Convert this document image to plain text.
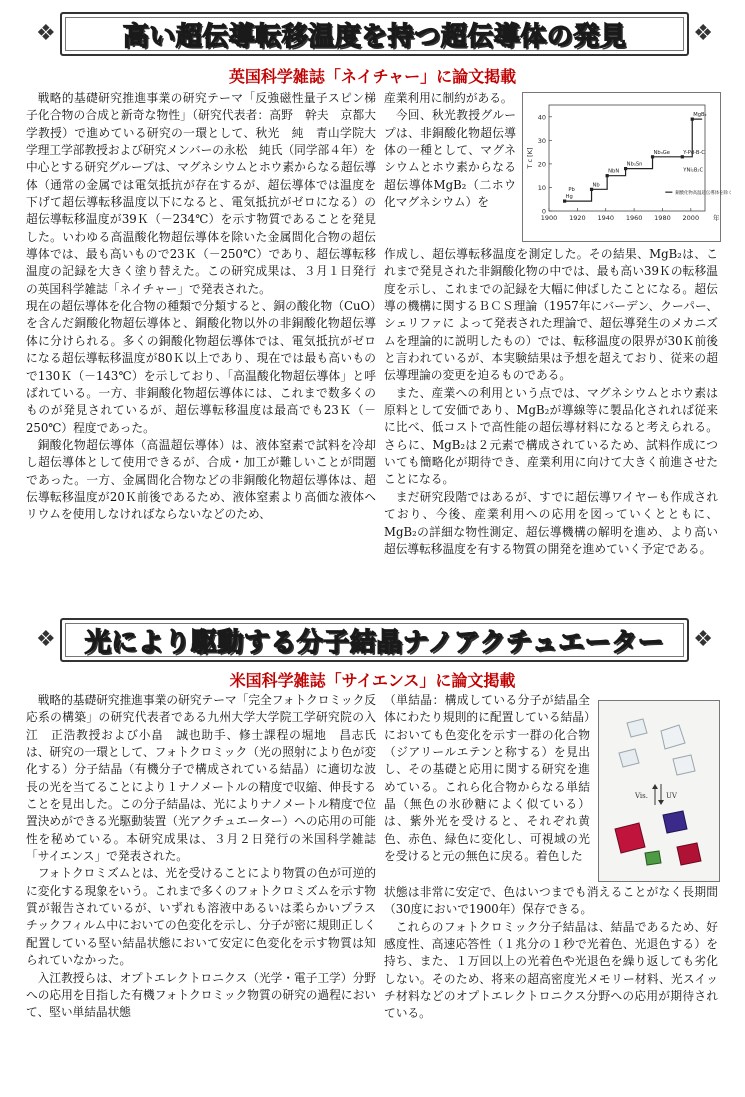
❖	高い超伝導転移温度を持つ超伝導体の発見	❖
英国科学雑誌「ネイチャー」に論文掲載

戦略的基礎研究推進事業の研究テーマ「反強磁性量子スピン梯子化合物の合成と新奇な物性」（研究代表者：高野　幹夫　京都大学教授）で進めている研究の一環として、秋光　純　青山学院大学理工学部教授および研究メンバーの永松　純氏（同学部４年）を中心とする研究グループは、マグネシウムとホウ素からなる超伝導体（通常の金属では電気抵抗が存在するが、超伝導体では温度を下げて超伝導転移温度以下になると、電気抵抗がゼロになる）の超伝導転移温度が39Ｋ（－234℃）を示す物質であることを発見した。いわゆる高温酸化物超伝導体を除いた金属間化合物の超伝導体では、最も高いもので23Ｋ（－250℃）であり、超伝導転移温度の記録を大きく塗り替えた。この研究成果は、３月１日発行の英国科学雑誌「ネイチャー」で発表された。

現在の超伝導体を化合物の種類で分類すると、銅の酸化物（CuO）を含んだ銅酸化物超伝導体と、銅酸化物以外の非銅酸化物超伝導体に分けられる。多くの銅酸化物超伝導体では、電気抵抗がゼロになる超伝導転移温度が80Ｋ以上であり、現在では最も高いもので130Ｋ（－143℃）を示しており、「高温酸化物超伝導体」と呼ばれている。一方、非銅酸化物超伝導体には、これまで数多くのものが発見されているが、超伝導転移温度は最高でも23Ｋ（－250℃）程度であった。

銅酸化物超伝導体（高温超伝導体）は、液体窒素で試料を冷却し超伝導体として使用できるが、合成・加工が難しいことが問題であった。一方、金属間化合物などの非銅酸化物超伝導体は、超伝導転移温度が20Ｋ前後であるため、液体窒素より高価な液体ヘリウムを使用しなければならないなどのため、

産業利用に制約がある。

今回、秋光教授グループは、非銅酸化物超伝導体の一種として、マグネシウムとホウ素からなる超伝導体MgB₂（二ホウ化マグネシウム）を

0
10
20
30
40
1900 1920 1940 1960 1980 2000 年
T c [K]
Hg
Pb
Nb
NbN
Nb₃Sn
Nb₃Ge	Y-Pd-B-C
YNi₂B₂C
MgB₂
銅酸化物高温超伝導体を除く

作成し、超伝導転移温度を測定した。その結果、MgB₂は、これまで発見された非銅酸化物の中では、最も高い39Ｋの転移温度を示し、これまでの記録を大幅に伸ばしたことになる。超伝導の機構に関するＢＣＳ理論（1957年にバーデン、クーパー、シェリファに よって発表された理論で、超伝導発生のメカニズムを理論的に説明したもの）では、転移温度の限界が30Ｋ前後と言われているが、本実験結果は予想を超えており、従来の超伝導理論の変更を迫るものである。

また、産業への利用という点では、マグネシウムとホウ素は原料として安価であり、MgB₂が導線等に製品化されれば従来に比べ、低コストで高性能の超伝導材料になると考えられる。さらに、MgB₂は２元素で構成されているため、試料作成についても簡略化が期待でき、産業利用に向けて大きく前進させたことになる。

まだ研究段階ではあるが、すでに超伝導ワイヤーも作成されており、今後、産業利用への応用を図っていくとともに、MgB₂の詳細な物性測定、超伝導機構の解明を進め、より高い超伝導転移温度を有する物質の開発を進めていく予定である。

❖ 光により駆動する分子結晶ナノアクチュエーター ❖
米国科学雑誌「サイエンス」に論文掲載

戦略的基礎研究推進事業の研究テーマ「完全フォトクロミック反応系の構築」の研究代表者である九州大学大学院工学研究院の入江　正浩教授および小畠　誠也助手、修士課程の堀地　昌志氏は、研究の一環として、フォトクロミック（光の照射により色が変化する）分子結晶（有機分子で構成されている結晶）に適切な波長の光を当てることにより１ナノメートルの精度で収縮、伸長することを見出した。この分子結晶は、光によりナノメートル精度で位置決めができる光駆動装置（光アクチュエーター）への応用の可能性を秘めている。本研究成果は、３月２日発行の米国科学雑誌「サイエンス」で発表された。

フォトクロミズムとは、光を受けることにより物質の色が可逆的に変化する現象をいう。これまで多くのフォトクロミズムを示す物質が報告されているが、いずれも溶液中あるいは柔らかいプラスチックフィルム中においての色変化を示し、分子が密に規則正しく配置している堅い結晶状態において安定に色変化を示す物質は知られていなかった。

入江教授らは、オプトエレクトロニクス（光学・電子工学）分野への応用を目指した有機フォトクロミック物質の研究の過程において、堅い単結晶状態

（単結晶：構成している分子が結晶全体にわたり規則的に配置している結晶）においても色変化を示す一群の化合物（ジアリールエテンと称する）を見出し、その基礎と応用に関する研究を進めている。これら化合物からなる単結晶（無色の氷砂糖によく似ている）は、紫外光を受けると、それぞれ黄色、赤色、緑色に変化し、可視域の光を受けると元の無色に戻る。着色した

Vis.	UV

状態は非常に安定で、色はいつまでも消えることがなく長期間（30度においで1900年）保存できる。

これらのフォトクロミック分子結晶は、結晶であるため、好感度性、高速応答性（１兆分の１秒で光着色、光退色する）を持ち、また、１万回以上の光着色や光退色を繰り返しても劣化しない。そのため、将来の超高密度光メモリー材料、光スイッチ材料などのオプトエレクトロニクス分野への応用が期待されている。
